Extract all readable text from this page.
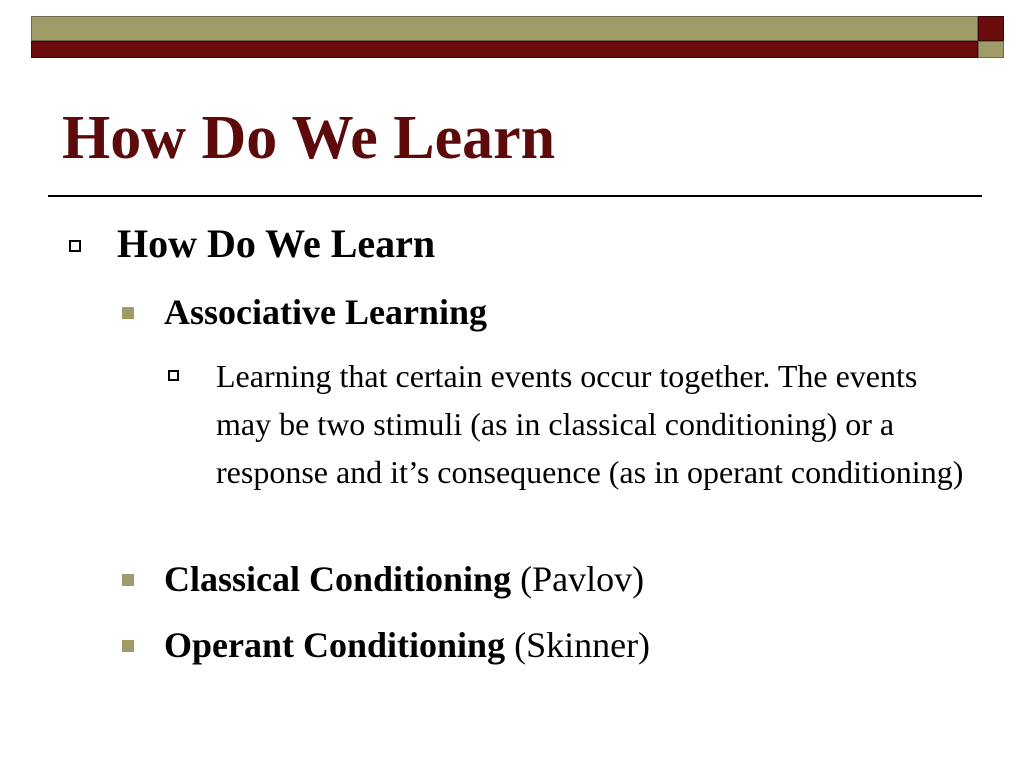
How Do We Learn
How Do We Learn
Associative Learning
Learning that certain events occur together. The events may be two stimuli (as in classical conditioning) or a response and it’s consequence (as in operant conditioning)
Classical Conditioning (Pavlov)
Operant Conditioning (Skinner)
